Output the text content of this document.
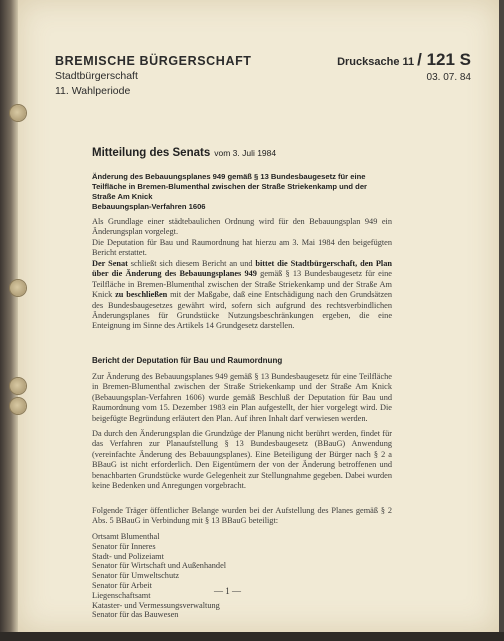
BREMISCHE BÜRGERSCHAFT
Stadtbürgerschaft
11. Wahlperiode
Drucksache 11 / 121 S
03. 07. 84
Mitteilung des Senats vom 3. Juli 1984
Änderung des Bebauungsplanes 949 gemäß § 13 Bundesbaugesetz für eine Teilfläche in Bremen-Blumenthal zwischen der Straße Striekenkamp und der Straße Am Knick
Bebauungsplan-Verfahren 1606

Als Grundlage einer städtebaulichen Ordnung wird für den Bebauungsplan 949 ein Änderungsplan vorgelegt.

Die Deputation für Bau und Raumordnung hat hierzu am 3. Mai 1984 den beigefügten Bericht erstattet.

Der Senat schließt sich diesem Bericht an und bittet die Stadtbürgerschaft, den Plan über die Änderung des Bebauungsplanes 949 gemäß § 13 Bundesbaugesetz für eine Teilfläche in Bremen-Blumenthal zwischen der Straße Striekenkamp und der Straße Am Knick zu beschließen mit der Maßgabe, daß eine Entschädigung nach den Grundsätzen des Bundesbaugesetzes gewährt wird, sofern sich aufgrund des rechtsverbindlichen Änderungsplanes für Grundstücke Nutzungsbeschränkungen ergeben, die eine Enteignung im Sinne des Artikels 14 Grundgesetz darstellen.

Bericht der Deputation für Bau und Raumordnung

Zur Änderung des Bebauungsplanes 949 gemäß § 13 Bundesbaugesetz für eine Teilfläche in Bremen-Blumenthal zwischen der Straße Striekenkamp und der Straße Am Knick (Bebauungsplan-Verfahren 1606) wurde gemäß Beschluß der Deputation für Bau und Raumordnung vom 15. Dezember 1983 ein Plan aufgestellt, der hier vorgelegt wird. Die beigefügte Begründung erläutert den Plan. Auf ihren Inhalt darf verwiesen werden.

Da durch den Änderungsplan die Grundzüge der Planung nicht berührt werden, findet für das Verfahren zur Planaufstellung § 13 Bundesbaugesetz (BBauG) Anwendung (vereinfachte Änderung des Bebauungsplanes). Eine Beteiligung der Bürger nach § 2 a BBauG ist nicht erforderlich. Den Eigentümern der von der Änderung betroffenen und benachbarten Grundstücke wurde Gelegenheit zur Stellungnahme gegeben. Dabei wurden keine Bedenken und Anregungen vorgebracht.

Folgende Träger öffentlicher Belange wurden bei der Aufstellung des Planes gemäß § 2 Abs. 5 BBauG in Verbindung mit § 13 BBauG beteiligt:

Ortsamt Blumenthal
Senator für Inneres
Stadt- und Polizeiamt
Senator für Wirtschaft und Außenhandel
Senator für Umweltschutz
Senator für Arbeit
Liegenschaftsamt
Kataster- und Vermessungsverwaltung
Senator für das Bauwesen
— 1 —
